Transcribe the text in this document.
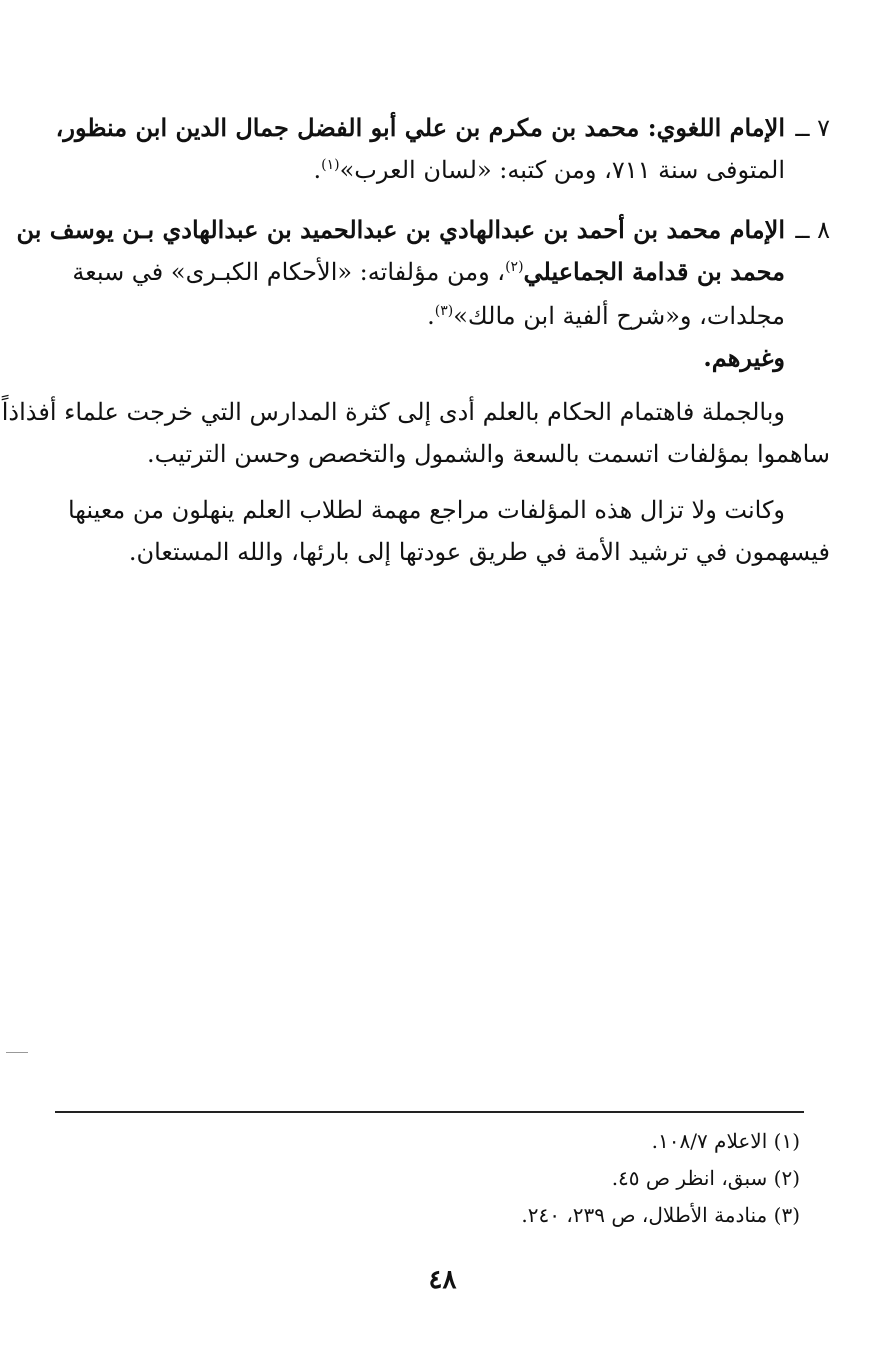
٧ ــ
الإمام اللغوي: محمد بن مكرم بن علي أبو الفضل جمال الدين ابن منظور،
المتوفى سنة ٧١١، ومن كتبه: «لسان العرب»$^{(١)}$.
٨ ــ
الإمام محمد بن أحمد بن عبدالهادي بن عبدالحميد بن عبدالهادي بـن يوسف بن
محمد بن قدامة الجماعيلي$^{(٢)}$، ومن مؤلفاته: «الأحكام الكبـرى» في سبعة
مجلدات، و«شرح ألفية ابن مالك»$^{(٣)}$.
وغيرهم.
وبالجملة فاهتمام الحكام بالعلم أدى إلى كثرة المدارس التي خرجت علماء أفذاذاً
ساهموا بمؤلفات اتسمت بالسعة والشمول والتخصص وحسن الترتيب.
وكانت ولا تزال هذه المؤلفات مراجع مهمة لطلاب العلم ينهلون من معينها
فيسهمون في ترشيد الأمة في طريق عودتها إلى بارئها، والله المستعان.
(١) الاعلام ١٠٨/٧.
(٢) سبق، انظر ص ٤٥.
(٣) منادمة الأطلال، ص ٢٣٩، ٢٤٠.
٤٨
